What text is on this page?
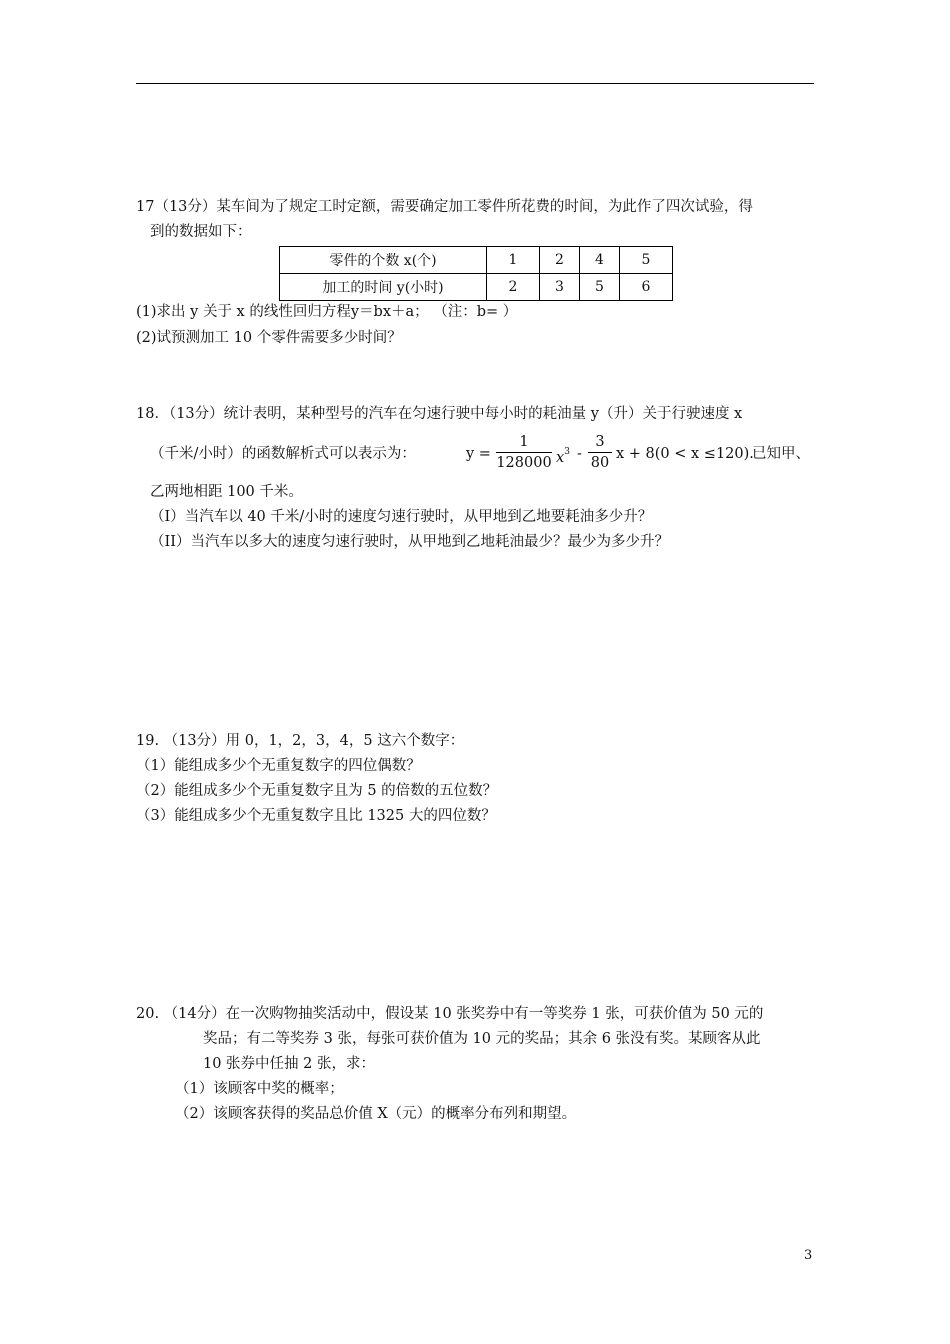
17（13分）某车间为了规定工时定额，需要确定加工零件所花费的时间，为此作了四次试验，得
到的数据如下：
零件的个数 x(个)	1	2	4	5
加工的时间 y(小时)	2	3	5	6
(1)求出 y 关于 x 的线性回归方程y＝bx＋a； （注：b= ）
(2)试预测加工 10 个零件需要多少时间？
18．（13分）统计表明，某种型号的汽车在匀速行驶中每小时的耗油量 y（升）关于行驶速度 x
（千米/小时）的函数解析式可以表示为：	y =
1
128000 $x^3$ -
3
80
x + 8(0 < x ≤120).
已知甲、
乙两地相距 100 千米。
（I）当汽车以 40 千米/小时的速度匀速行驶时，从甲地到乙地要耗油多少升？
（II）当汽车以多大的速度匀速行驶时，从甲地到乙地耗油最少？最少为多少升？
19. （13分）用 0，1，2，3，4，5 这六个数字：
（1）能组成多少个无重复数字的四位偶数？
（2）能组成多少个无重复数字且为 5 的倍数的五位数？
（3）能组成多少个无重复数字且比 1325 大的四位数？
20. （14分）在一次购物抽奖活动中，假设某 10 张奖券中有一等奖券 1 张，可获价值为 50 元的
奖品；有二等奖券 3 张，每张可获价值为 10 元的奖品；其余 6 张没有奖。某顾客从此
10 张券中任抽 2 张，求：
（1）该顾客中奖的概率；
（2）该顾客获得的奖品总价值 X（元）的概率分布列和期望。
3
